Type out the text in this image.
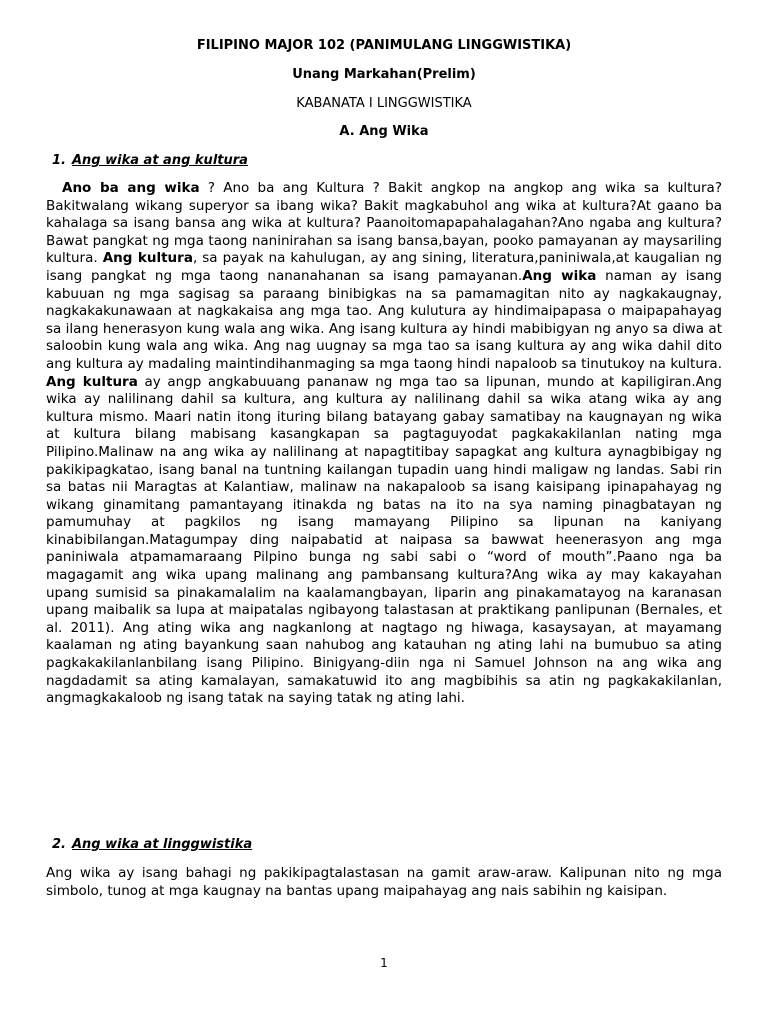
FILIPINO MAJOR 102 (PANIMULANG LINGGWISTIKA)
Unang Markahan(Prelim)
KABANATA I LINGGWISTIKA
A. Ang Wika
1. Ang wika at ang kultura
Ano ba ang wika ? Ano ba ang Kultura ? Bakit angkop na angkop ang wika sa kultura? Bakitwalang wikang superyor sa ibang wika? Bakit magkabuhol ang wika at kultura?At gaano ba kahalaga sa isang bansa ang wika at kultura? Paanoitomapapahalagahan?Ano ngaba ang kultura? Bawat pangkat ng mga taong naninirahan sa isang bansa,bayan, pooko pamayanan ay maysariling kultura. Ang kultura, sa payak na kahulugan, ay ang sining, literatura,paniniwala,at kaugalian ng isang pangkat ng mga taong nananahanan sa isang pamayanan.Ang wika naman ay isang kabuuan ng mga sagisag sa paraang binibigkas na sa pamamagitan nito ay nagkakaugnay, nagkakakunawaan at nagkakaisa ang mga tao. Ang kulutura ay hindimaipapasa o maipapahayag sa ilang henerasyon kung wala ang wika. Ang isang kultura ay hindi mabibigyan ng anyo sa diwa at saloobin kung wala ang wika. Ang nag uugnay sa mga tao sa isang kultura ay ang wika dahil dito ang kultura ay madaling maintindihanmaging sa mga taong hindi napaloob sa tinutukoy na kultura. Ang kultura ay angp angkabuuang pananaw ng mga tao sa lipunan, mundo at kapiligiran.Ang wika ay nalilinang dahil sa kultura, ang kultura ay nalilinang dahil sa wika atang wika ay ang kultura mismo. Maari natin itong ituring bilang batayang gabay samatibay na kaugnayan ng wika at kultura bilang mabisang kasangkapan sa pagtaguyodat pagkakakilanlan nating mga Pilipino.Malinaw na ang wika ay nalilinang at napagtitibay sapagkat ang kultura aynagbibigay ng pakikipagkatao, isang banal na tuntning kailangan tupadin uang hindi maligaw ng landas. Sabi rin sa batas nii Maragtas at Kalantiaw, malinaw na nakapaloob sa isang kaisipang ipinapahayag ng wikang ginamitang pamantayang itinakda ng batas na ito na sya naming pinagbatayan ng pamumuhay at pagkilos ng isang mamayang Pilipino sa lipunan na kaniyang kinabibilangan.Matagumpay ding naipabatid at naipasa sa bawwat heenerasyon ang mga paniniwala atpamamaraang Pilpino bunga ng sabi sabi o “word of mouth”.Paano nga ba magagamit ang wika upang malinang ang pambansang kultura?Ang wika ay may kakayahan upang sumisid sa pinakamalalim na kaalamangbayan, liparin ang pinakamatayog na karanasan upang maibalik sa lupa at maipatalas ngibayong talastasan at praktikang panlipunan (Bernales, et al. 2011). Ang ating wika ang nagkanlong at nagtago ng hiwaga, kasaysayan, at mayamang kaalaman ng ating bayankung saan nahubog ang katauhan ng ating lahi na bumubuo sa ating pagkakakilanlanbilang isang Pilipino. Binigyang-diin nga ni Samuel Johnson na ang wika ang nagdadamit sa ating kamalayan, samakatuwid ito ang magbibihis sa atin ng pagkakakilanlan, angmagkakaloob ng isang tatak na saying tatak ng ating lahi.
2. Ang wika at linggwistika
Ang wika ay isang bahagi ng pakikipagtalastasan na gamit araw-araw. Kalipunan nito ng mga simbolo, tunog at mga kaugnay na bantas upang maipahayag ang nais sabihin ng kaisipan.
1
